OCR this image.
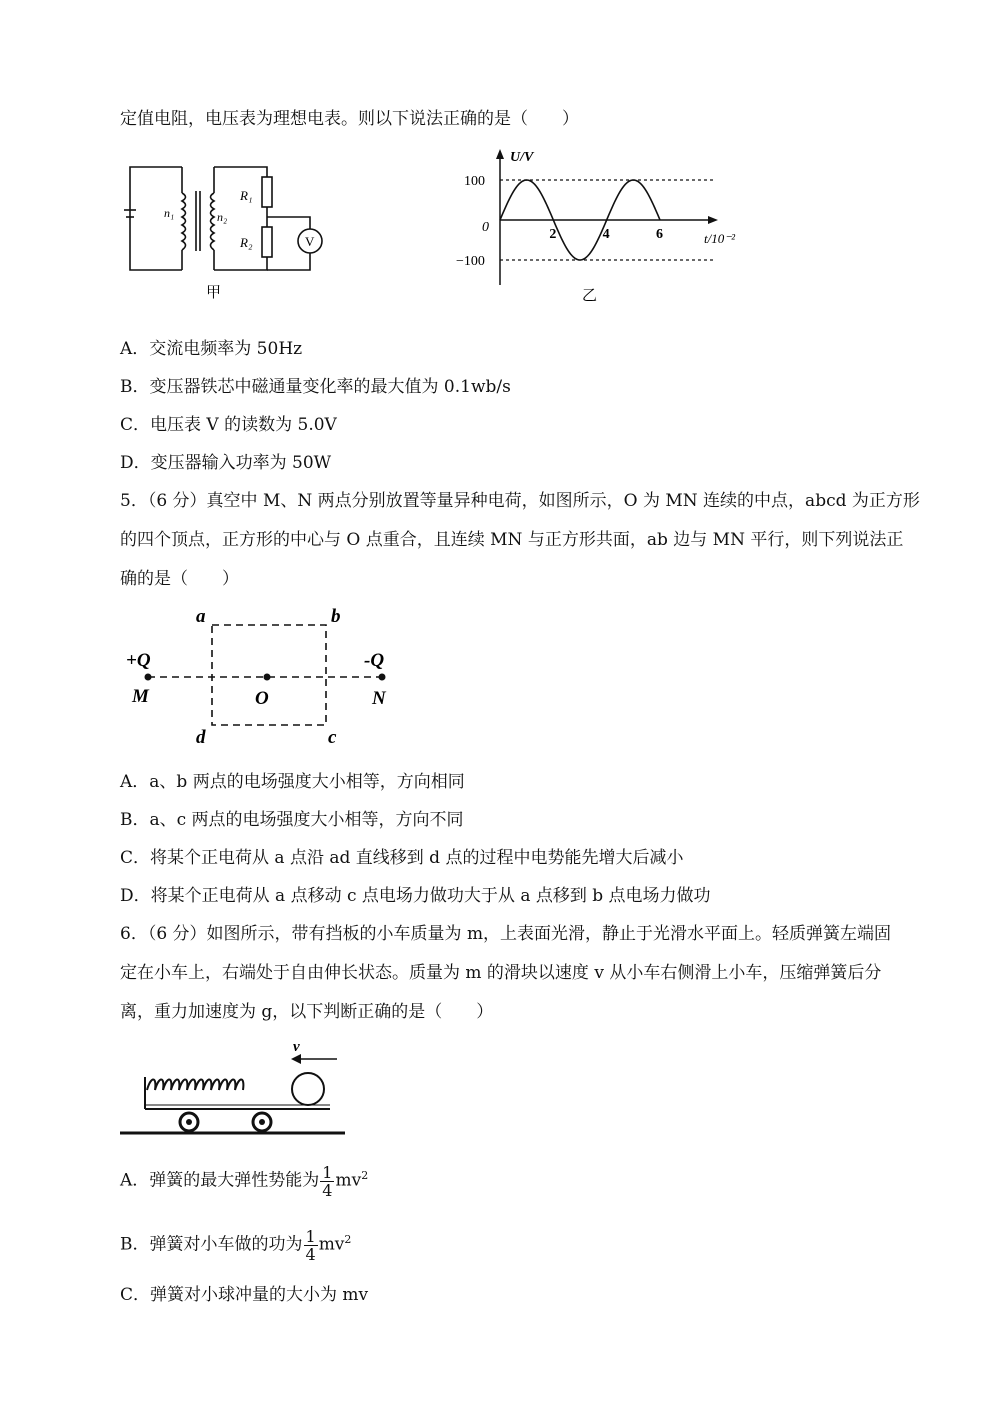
定值电阻，电压表为理想电表。则以下说法正确的是（　　）
n₁	n₂
R₁
R₂	V
甲
2	4	6
100
−100
U/V
t/10⁻²
0
乙
A．交流电频率为 50Hz
B．变压器铁芯中磁通量变化率的最大值为 0.1wb/s
C．电压表 V 的读数为 5.0V
D．变压器输入功率为 50W
5．（6 分）真空中 M、N 两点分别放置等量异种电荷，如图所示，O 为 MN 连续的中点，abcd 为正方形
的四个顶点，正方形的中心与 O 点重合，且连续 MN 与正方形共面，ab 边与 MN 平行，则下列说法正
确的是（　　）
a	b
d	c
+Q	-Q
M	O	N
A．a、b 两点的电场强度大小相等，方向相同
B．a、c 两点的电场强度大小相等，方向不同
C．将某个正电荷从 a 点沿 ad 直线移到 d 点的过程中电势能先增大后减小
D．将某个正电荷从 a 点移动 c 点电场力做功大于从 a 点移到 b 点电场力做功
6．（6 分）如图所示，带有挡板的小车质量为 m，上表面光滑，静止于光滑水平面上。轻质弹簧左端固
定在小车上，右端处于自由伸长状态。质量为 m 的滑块以速度 v 从小车右侧滑上小车，压缩弹簧后分
离，重力加速度为 g，以下判断正确的是（　　）
v
A．弹簧的最大弹性势能为 $\frac{1}{4} mv^2$
B．弹簧对小车做的功为 $\frac{1}{4} mv^2$
C．弹簧对小球冲量的大小为 mv
